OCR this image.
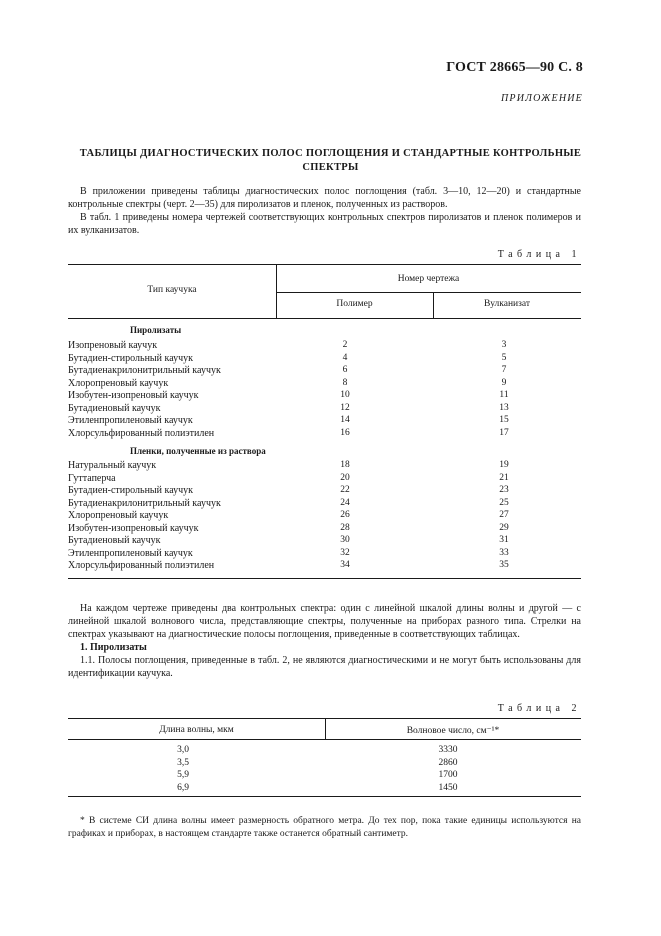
ГОСТ 28665—90 С. 8
ПРИЛОЖЕНИЕ
ТАБЛИЦЫ ДИАГНОСТИЧЕСКИХ ПОЛОС ПОГЛОЩЕНИЯ И СТАНДАРТНЫЕ КОНТРОЛЬНЫЕ
СПЕКТРЫ

В приложении приведены таблицы диагностических полос поглощения (табл. 3—10, 12—20) и стандартные контрольные спектры (черт. 2—35) для пиролизатов и пленок, полученных из растворов.

В табл. 1 приведены номера чертежей соответствующих контрольных спектров пиролизатов и пленок полимеров и их вулканизатов.

Таблица 1
Тип каучука
Номер чертежа
Полимер	Вулканизат
Пиролизаты
Изопреновый каучук	2	3
Бутадиен-стирольный каучук	4	5
Бутадиенакрилонитрильный каучук	6	7
Хлоропреновый каучук	8	9
Изобутен-изопреновый каучук	10	11
Бутадиеновый каучук	12	13
Этиленпропиленовый каучук	14	15
Хлорсульфированный полиэтилен	16	17
Пленки, полученные из раствора
Натуральный каучук	18	19
Гуттаперча	20	21
Бутадиен-стирольный каучук	22	23
Бутадиенакрилонитрильный каучук	24	25
Хлоропреновый каучук	26	27
Изобутен-изопреновый каучук	28	29
Бутадиеновый каучук	30	31
Этиленпропиленовый каучук	32	33
Хлорсульфированный полиэтилен	34	35

На каждом чертеже приведены два контрольных спектра: один с линейной шкалой длины волны и другой — с линейной шкалой волнового числа, представляющие спектры, полученные на приборах разного типа. Стрелки на спектрах указывают на диагностические полосы поглощения, приведенные в соответствующих таблицах.

1. Пиролизаты

1.1. Полосы поглощения, приведенные в табл. 2, не являются диагностическими и не могут быть использованы для идентификации каучука.

Таблица 2
Длина волны, мкм	Волновое число, см⁻¹*
3,0	3330
3,5	2860
5,9	1700
6,9	1450

* В системе СИ длина волны имеет размерность обратного метра. До тех пор, пока такие единицы используются на графиках и приборах, в настоящем стандарте также останется обратный сантиметр.
